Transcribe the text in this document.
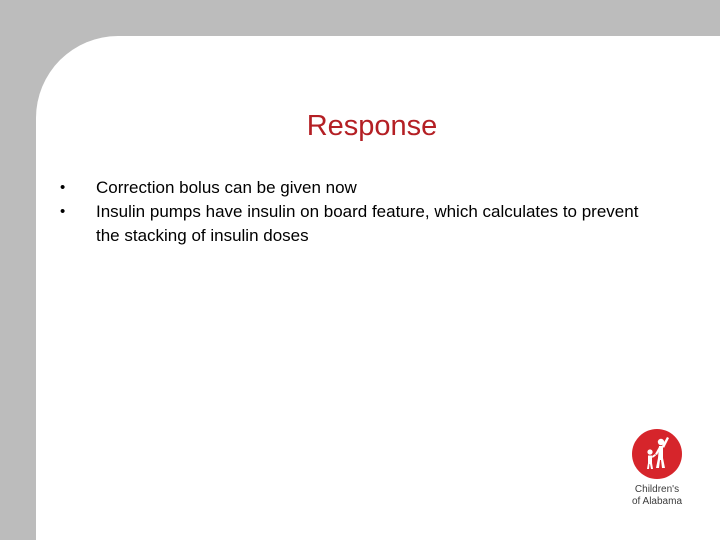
Response
•	Correction bolus can be given now
•	Insulin pumps have insulin on board feature, which calculates to prevent the stacking of insulin doses
Children's
of Alabama
